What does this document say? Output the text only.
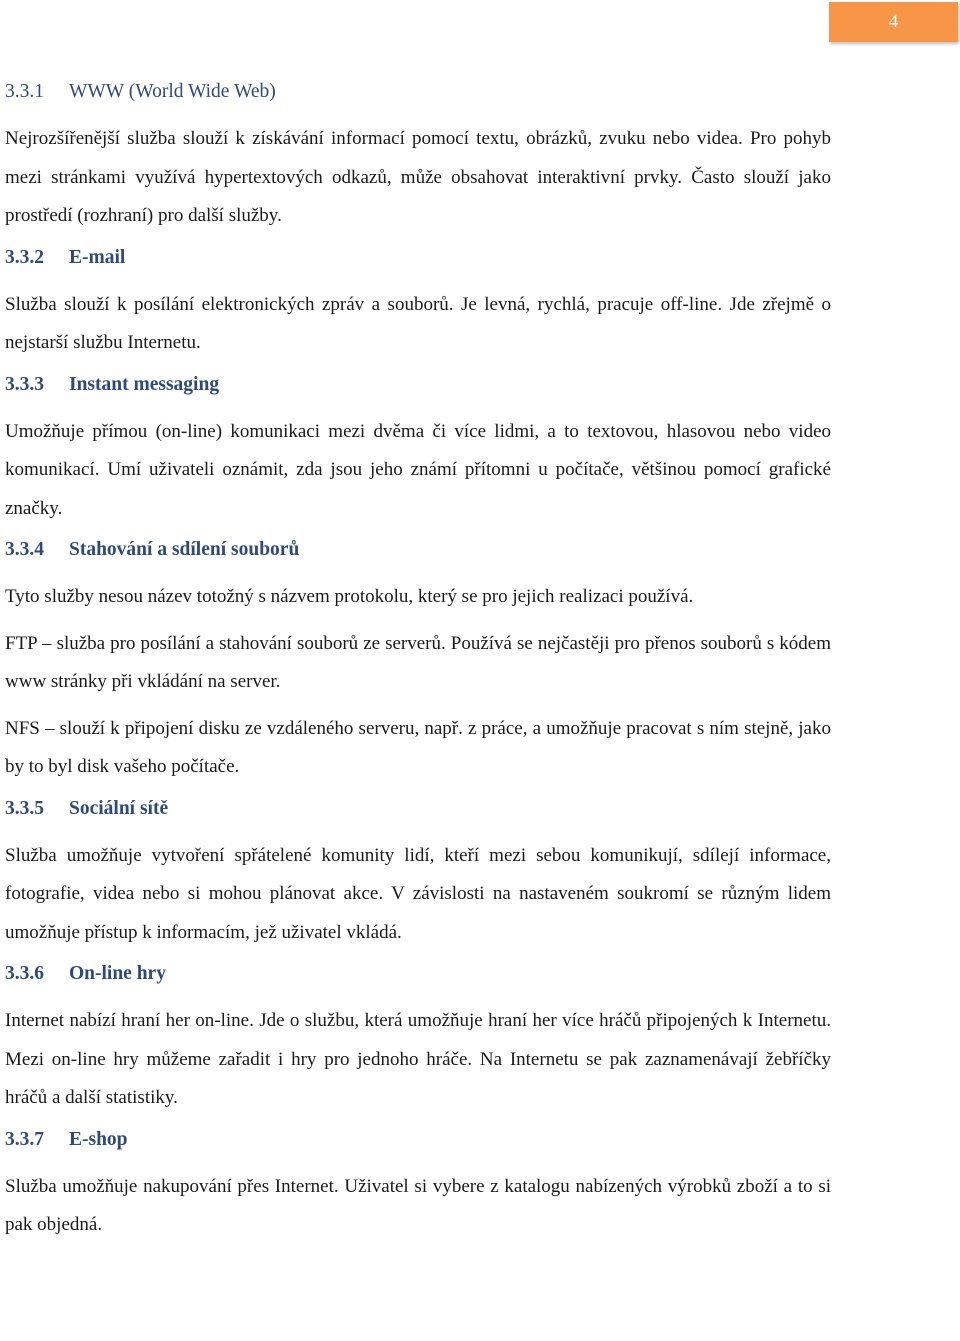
4
3.3.1	WWW (World Wide Web)

Nejrozšířenější služba slouží k získávání informací pomocí textu, obrázků, zvuku nebo videa. Pro pohyb mezi stránkami využívá hypertextových odkazů, může obsahovat interaktivní prvky. Často slouží jako prostředí (rozhraní) pro další služby.

3.3.2	E-mail

Služba slouží k posílání elektronických zpráv a souborů. Je levná, rychlá, pracuje off-line. Jde zřejmě o nejstarší službu Internetu.

3.3.3	Instant messaging

Umožňuje přímou (on-line) komunikaci mezi dvěma či více lidmi, a to textovou, hlasovou nebo video komunikací. Umí uživateli oznámit, zda jsou jeho známí přítomni u počítače, většinou pomocí grafické značky.

3.3.4	Stahování a sdílení souborů

Tyto služby nesou název totožný s názvem protokolu, který se pro jejich realizaci používá.

FTP – služba pro posílání a stahování souborů ze serverů. Používá se nejčastěji pro přenos souborů s kódem www stránky při vkládání na server.

NFS – slouží k připojení disku ze vzdáleného serveru, např. z práce, a umožňuje pracovat s ním stejně, jako by to byl disk vašeho počítače.

3.3.5	Sociální sítě

Služba umožňuje vytvoření spřátelené komunity lidí, kteří mezi sebou komunikují, sdílejí informace, fotografie, videa nebo si mohou plánovat akce. V závislosti na nastaveném soukromí se různým lidem umožňuje přístup k informacím, jež uživatel vkládá.

3.3.6	On-line hry

Internet nabízí hraní her on-line. Jde o službu, která umožňuje hraní her více hráčů připojených k Internetu. Mezi on-line hry můžeme zařadit i hry pro jednoho hráče. Na Internetu se pak zaznamenávají žebříčky hráčů a další statistiky.

3.3.7	E-shop

Služba umožňuje nakupování přes Internet. Uživatel si vybere z katalogu nabízených výrobků zboží a to si pak objedná.
